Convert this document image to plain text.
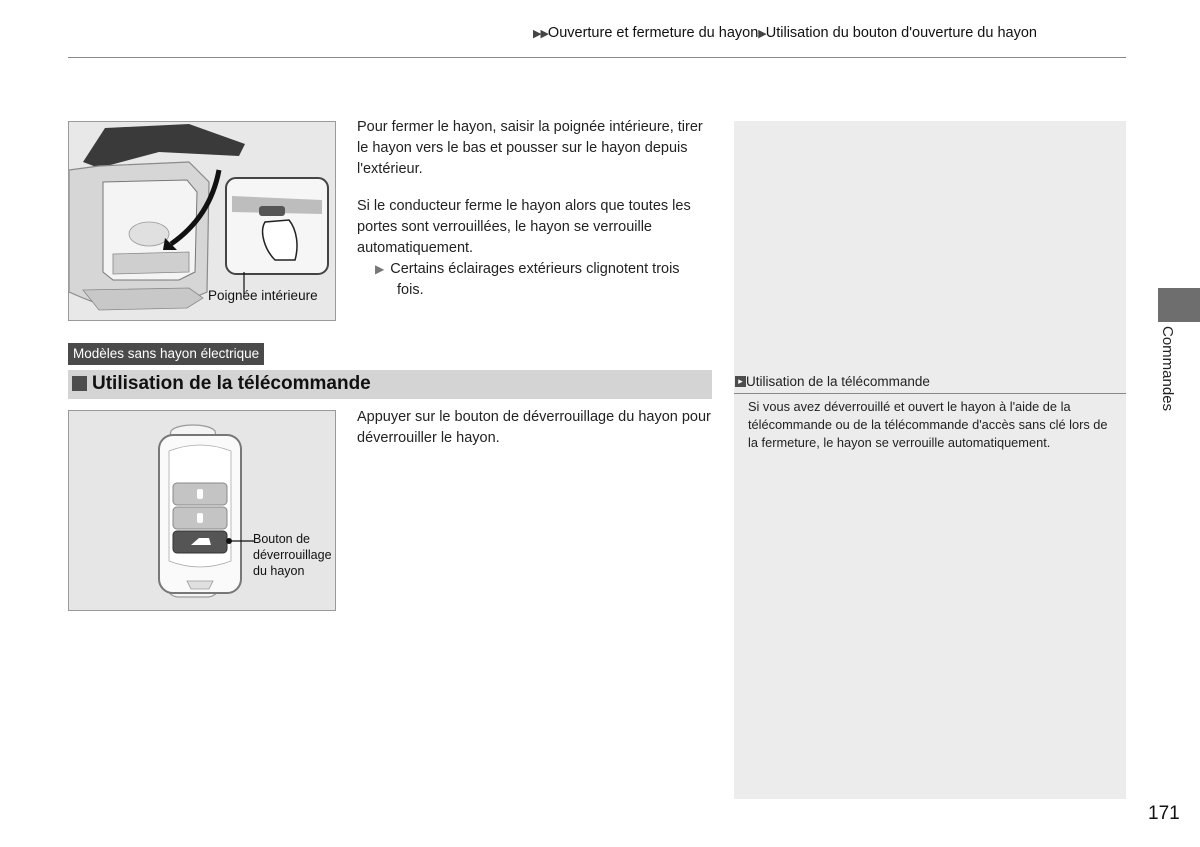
▶▶Ouverture et fermeture du hayon▶Utilisation du bouton d'ouverture du hayon
Poignée intérieure
Pour fermer le hayon, saisir la poignée intérieure, tirer le hayon vers le bas et pousser sur le hayon depuis l'extérieur.
Si le conducteur ferme le hayon alors que toutes les portes sont verrouillées, le hayon se verrouille automatiquement.
▶ Certains éclairages extérieurs clignotent trois
fois.
Modèles sans hayon électrique
Utilisation de la télécommande
Bouton de
déverrouillage
du hayon
Appuyer sur le bouton de déverrouillage du hayon pour déverrouiller le hayon.
▸ Utilisation de la télécommande
Si vous avez déverrouillé et ouvert le hayon à l'aide de la télécommande ou de la télécommande d'accès sans clé lors de la fermeture, le hayon se verrouille automatiquement.
Commandes
171
